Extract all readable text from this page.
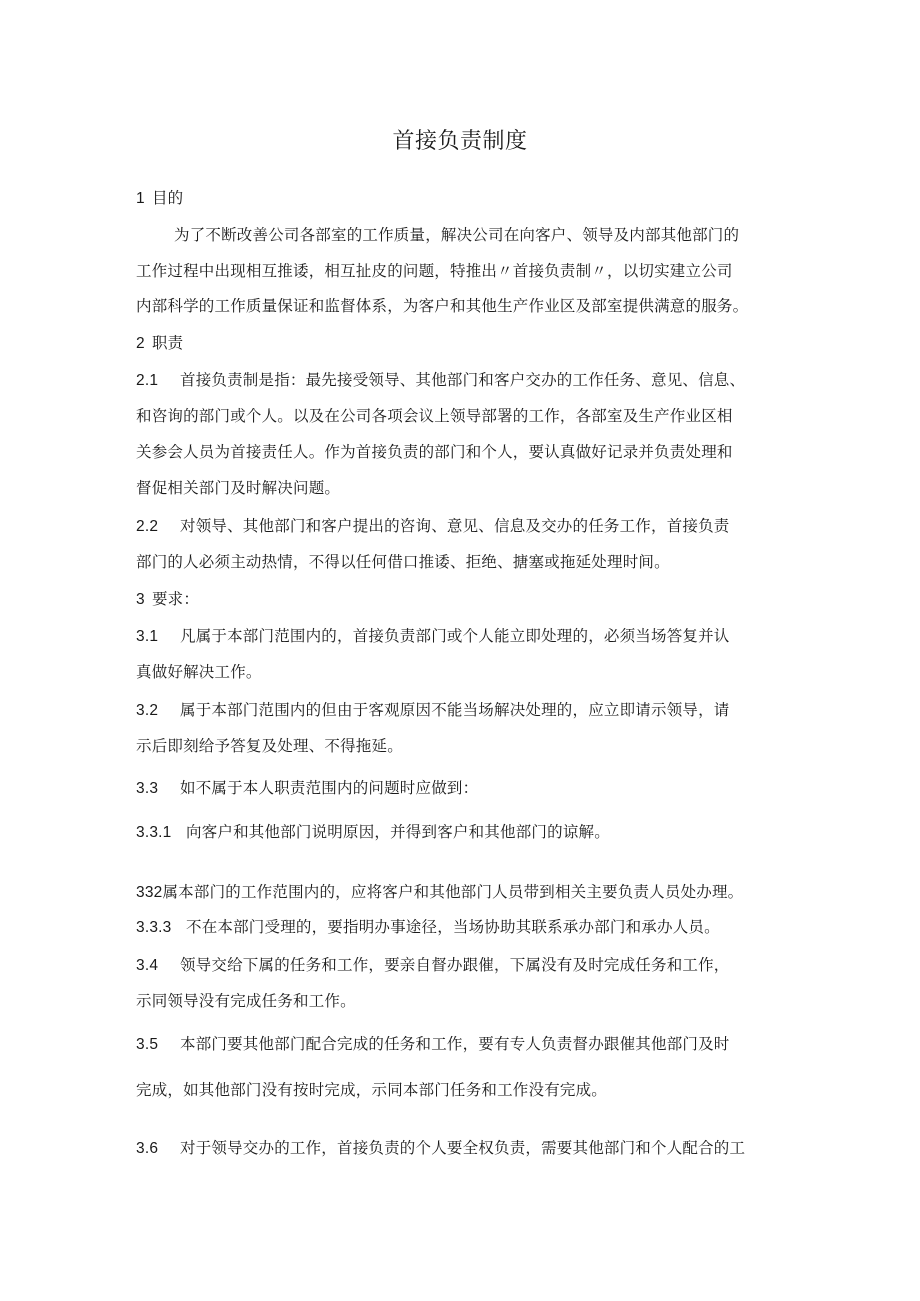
首接负责制度
1 目的
为了不断改善公司各部室的工作质量，解决公司在向客户、领导及内部其他部门的
工作过程中出现相互推诿，相互扯皮的问题，特推出〃首接负责制〃，以切实建立公司
内部科学的工作质量保证和监督体系，为客户和其他生产作业区及部室提供满意的服务。
2 职责
2.1 首接负责制是指：最先接受领导、其他部门和客户交办的工作任务、意见、信息、
和咨询的部门或个人。以及在公司各项会议上领导部署的工作，各部室及生产作业区相
关参会人员为首接责任人。作为首接负责的部门和个人，要认真做好记录并负责处理和
督促相关部门及时解决问题。
2.2 对领导、其他部门和客户提出的咨询、意见、信息及交办的任务工作，首接负责
部门的人必须主动热情，不得以任何借口推诿、拒绝、搪塞或拖延处理时间。
3 要求：
3.1 凡属于本部门范围内的，首接负责部门或个人能立即处理的，必须当场答复并认
真做好解决工作。
3.2 属于本部门范围内的但由于客观原因不能当场解决处理的，应立即请示领导，请
示后即刻给予答复及处理、不得拖延。
3.3 如不属于本人职责范围内的问题时应做到：
3.3.1 向客户和其他部门说明原因，并得到客户和其他部门的谅解。
332属本部门的工作范围内的，应将客户和其他部门人员带到相关主要负责人员处办理。
3.3.3 不在本部门受理的，要指明办事途径，当场协助其联系承办部门和承办人员。
3.4 领导交给下属的任务和工作，要亲自督办跟催，下属没有及时完成任务和工作，
示同领导没有完成任务和工作。
3.5 本部门要其他部门配合完成的任务和工作，要有专人负责督办跟催其他部门及时
完成，如其他部门没有按时完成，示同本部门任务和工作没有完成。
3.6 对于领导交办的工作，首接负责的个人要全权负责，需要其他部门和个人配合的工
